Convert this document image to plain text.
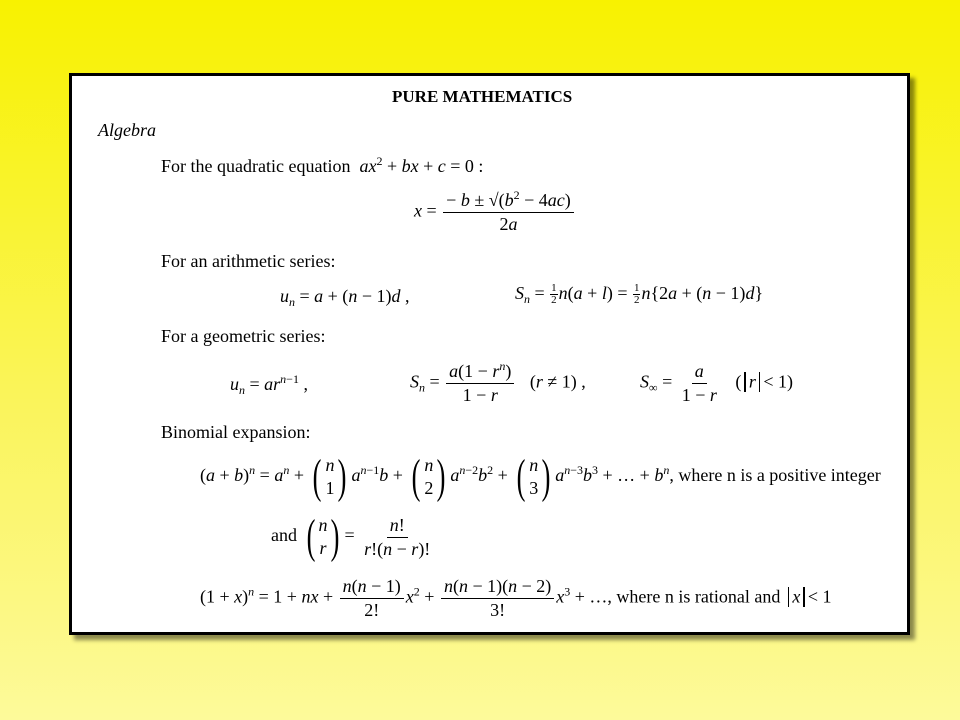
PURE MATHEMATICS
Algebra
For the quadratic equation $ax^2$ + bx + c = 0 :
$x = \frac{- b \pm √(b^2 - 4ac)}{2a}$
For an arithmetic series:
$u_n = a + (n - 1)d$ ,	$S_n = \frac{1}{2} n(a + l) = \frac{1}{2} n\{2a + (n - 1)d\}$
For a geometric series:
$u_n = ar^{n-1}$ ,	$S_n = \frac{a(1 - r^n)}{1 - r} (r \ne 1)$ ,	$S_\infty = \frac{a}{1 - r}$ ( r < 1)
Binomial expansion:
$(a + b)^n = a^n$ + ( n
1 ) $a^{n-1}b$ + ( n
2 ) $a^{n-2}b^2$ + ( n
3 ) $a^{n-3}b^3$ + … + $b^n$, where n is a positive integer
and ( n
r ) = $\frac{n!}{r!(n - r)!}$
$(1 + x)^n = 1$ + nx + $\frac{n(n - 1)}{2!} x^2 + \frac{n(n - 1)(n - 2)}{3!} x^3$ + …, where n is rational and x < 1
